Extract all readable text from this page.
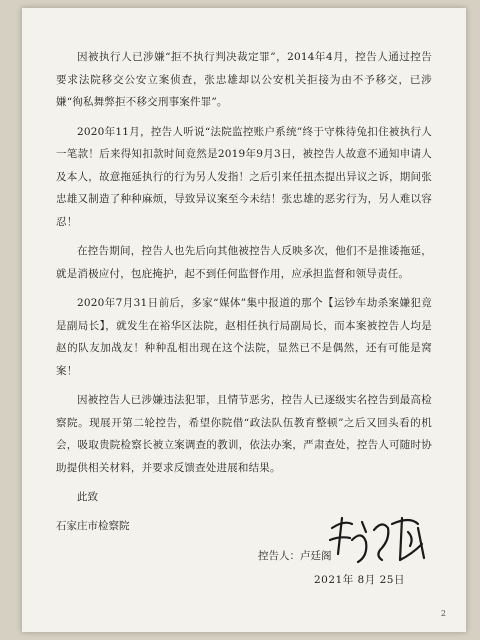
因被执行人已涉嫌“拒不执行判决裁定罪”，2014年4月，控告人通过控告要求法院移交公安立案侦查，张忠雄却以公安机关拒接为由不予移交，已涉嫌“徇私舞弊拒不移交刑事案件罪”。

2020年11月，控告人听说“法院监控账户系统”终于守株待兔扣住被执行人一笔款！后来得知扣款时间竟然是2019年9月3日，被控告人故意不通知申请人及本人，故意拖延执行的行为另人发指！之后引来任扭杰提出异议之诉，期间张忠雄又制造了种种麻烦，导致异议案至今未结！张忠雄的恶劣行为，另人难以容忍！

在控告期间，控告人也先后向其他被控告人反映多次，他们不是推诿拖延，就是消极应付，包庇掩护，起不到任何监督作用，应承担监督和领导责任。

2020年7月31日前后，多家“媒体”集中报道的那个【运钞车劫杀案嫌犯竟是副局长】，就发生在裕华区法院，赵相任执行局副局长，而本案被控告人均是赵的队友加战友！种种乱相出现在这个法院，显然已不是偶然，还有可能是窝案！

因被控告人已涉嫌违法犯罪，且情节恶劣，控告人已逐级实名控告到最高检察院。现展开第二轮控告，希望你院借“政法队伍教育整顿”之后又回头看的机会，吸取贵院检察长被立案调查的教训，依法办案，严肃查处，控告人可随时协助提供相关材料，并要求反馈查处进展和结果。

此致

石家庄市检察院
控告人：卢廷阁
2021年 8月 25日
2
